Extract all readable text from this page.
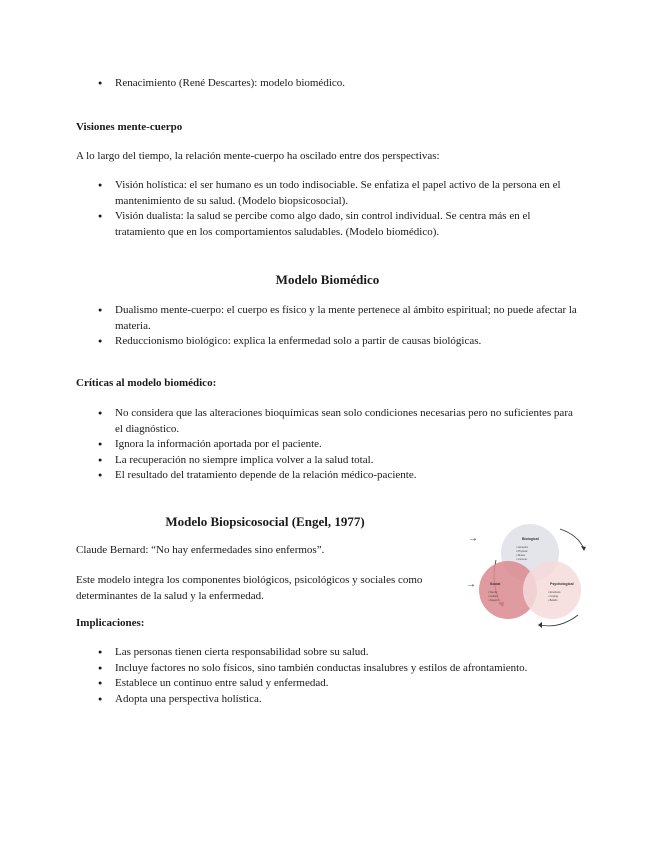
● Renacimiento (René Descartes): modelo biomédico.
Visiones mente-cuerpo
A lo largo del tiempo, la relación mente-cuerpo ha oscilado entre dos perspectivas:
● Visión holística: el ser humano es un todo indisociable. Se enfatiza el papel activo de la persona en el mantenimiento de su salud. (Modelo biopsicosocial).
● Visión dualista: la salud se percibe como algo dado, sin control individual. Se centra más en el tratamiento que en los comportamientos saludables. (Modelo biomédico).
Modelo Biomédico
● Dualismo mente-cuerpo: el cuerpo es físico y la mente pertenece al ámbito espiritual; no puede afectar la materia.
● Reduccionismo biológico: explica la enfermedad solo a partir de causas biológicas.
Críticas al modelo biomédico:
● No considera que las alteraciones bioquímicas sean solo condiciones necesarias pero no suficientes para el diagnóstico.
● Ignora la información aportada por el paciente.
● La recuperación no siempre implica volver a la salud total.
● El resultado del tratamiento depende de la relación médico-paciente.
Modelo Biopsicosocial (Engel, 1977)
Claude Bernard: “No hay enfermedades sino enfermos”.
Este modelo integra los componentes biológicos, psicológicos y sociales como determinantes de la salud y la enfermedad.
Implicaciones:
● Las personas tienen cierta responsabilidad sobre su salud.
● Incluye factores no solo físicos, sino también conductas insalubres y estilos de afrontamiento.
● Establece un continuo entre salud y enfermedad.
● Adopta una perspectiva holística.
→
→
Biological
• Genetics
• Physical
• Illness
• Immune
Social
• Family
• Culture
• Support
Psychological
• Emotions
• Coping
• Beliefs
